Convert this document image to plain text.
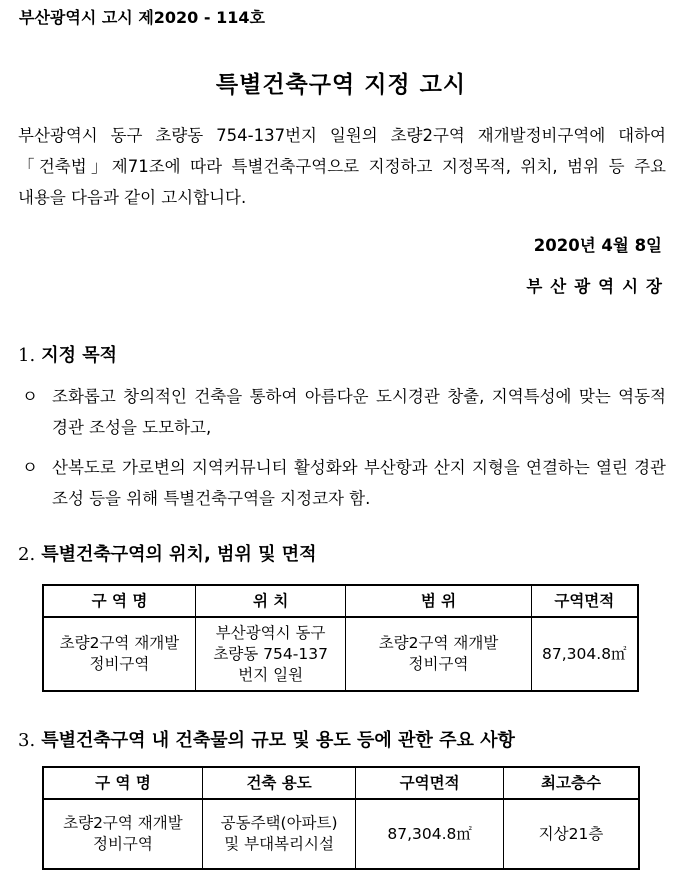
부산광역시 고시 제2020 - 114호
특별건축구역 지정 고시
부산광역시 동구 초량동 754-137번지 일원의 초량2구역 재개발정비구역에 대하여 「건축법」제71조에 따라 특별건축구역으로 지정하고 지정목적, 위치, 범위 등 주요 내용을 다음과 같이 고시합니다.
2020년 4월 8일
부산광역시장
1. 지정 목적
ㅇ 조화롭고 창의적인 건축을 통하여 아름다운 도시경관 창출, 지역특성에 맞는 역동적 경관 조성을 도모하고,
ㅇ 산복도로 가로변의 지역커뮤니티 활성화와 부산항과 산지 지형을 연결하는 열린 경관 조성 등을 위해 특별건축구역을 지정코자 함.
2. 특별건축구역의 위치, 범위 및 면적
구 역 명	위 치	범 위	구역면적
초량2구역 재개발
정비구역	부산광역시 동구
초량동 754-137
번지 일원	초량2구역 재개발
정비구역	87,304.8㎡
3. 특별건축구역 내 건축물의 규모 및 용도 등에 관한 주요 사항
구 역 명	건축 용도	구역면적	최고층수
초량2구역 재개발
정비구역	공동주택(아파트)
및 부대복리시설	87,304.8㎡	지상21층
